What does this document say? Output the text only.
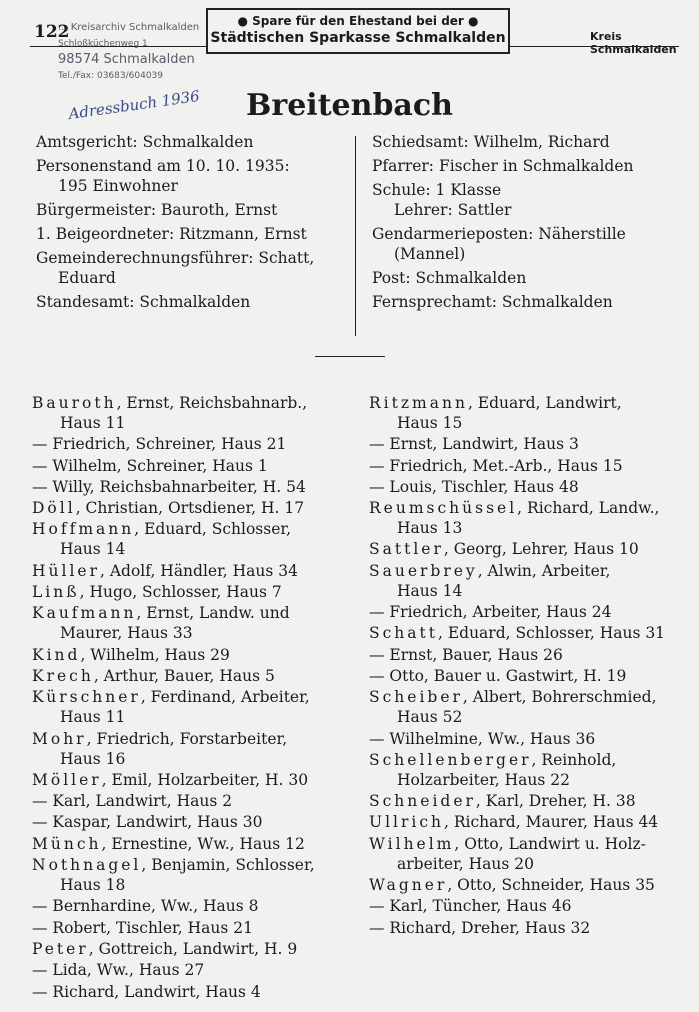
122	Kreis Schmalkalden
... Kreisarchiv Schmalkalden
Schloßküchenweg 1
98574 Schmalkalden
Tel./Fax: 03683/604039
● Spare für den Ehestand bei der ●
Städtischen Sparkasse Schmalkalden
Adressbuch 1936	Breitenbach
Amtsgericht: Schmalkalden
Personenstand am 10. 10. 1935:
195 Einwohner
Bürgermeister: Bauroth, Ernst
1. Beigeordneter: Ritzmann, Ernst
Gemeinderechnungsführer: Schatt,
Eduard
Standesamt: Schmalkalden
Schiedsamt: Wilhelm, Richard
Pfarrer: Fischer in Schmalkalden
Schule: 1 Klasse
Lehrer: Sattler
Gendarmerieposten: Näherstille
(Mannel)
Post: Schmalkalden
Fernsprechamt: Schmalkalden
Bauroth, Ernst, Reichsbahnarb.,
Haus 11
— Friedrich, Schreiner, Haus 21
— Wilhelm, Schreiner, Haus 1
— Willy, Reichsbahnarbeiter, H. 54
Döll, Christian, Ortsdiener, H. 17
Hoffmann, Eduard, Schlosser,
Haus 14
Hüller, Adolf, Händler, Haus 34
Linß, Hugo, Schlosser, Haus 7
Kaufmann, Ernst, Landw. und
Maurer, Haus 33
Kind, Wilhelm, Haus 29
Krech, Arthur, Bauer, Haus 5
Kürschner, Ferdinand, Arbeiter,
Haus 11
Mohr, Friedrich, Forstarbeiter,
Haus 16
Möller, Emil, Holzarbeiter, H. 30
— Karl, Landwirt, Haus 2
— Kaspar, Landwirt, Haus 30
Münch, Ernestine, Ww., Haus 12
Nothnagel, Benjamin, Schlosser,
Haus 18
— Bernhardine, Ww., Haus 8
— Robert, Tischler, Haus 21
Peter, Gottreich, Landwirt, H. 9
— Lida, Ww., Haus 27
— Richard, Landwirt, Haus 4
Ritzmann, Eduard, Landwirt,
Haus 15
— Ernst, Landwirt, Haus 3
— Friedrich, Met.-Arb., Haus 15
— Louis, Tischler, Haus 48
Reumschüssel, Richard, Landw.,
Haus 13
Sattler, Georg, Lehrer, Haus 10
Sauerbrey, Alwin, Arbeiter,
Haus 14
— Friedrich, Arbeiter, Haus 24
Schatt, Eduard, Schlosser, Haus 31
— Ernst, Bauer, Haus 26
— Otto, Bauer u. Gastwirt, H. 19
Scheiber, Albert, Bohrerschmied,
Haus 52
— Wilhelmine, Ww., Haus 36
Schellenberger, Reinhold,
Holzarbeiter, Haus 22
Schneider, Karl, Dreher, H. 38
Ullrich, Richard, Maurer, Haus 44
Wilhelm, Otto, Landwirt u. Holz-
arbeiter, Haus 20
Wagner, Otto, Schneider, Haus 35
— Karl, Tüncher, Haus 46
— Richard, Dreher, Haus 32
